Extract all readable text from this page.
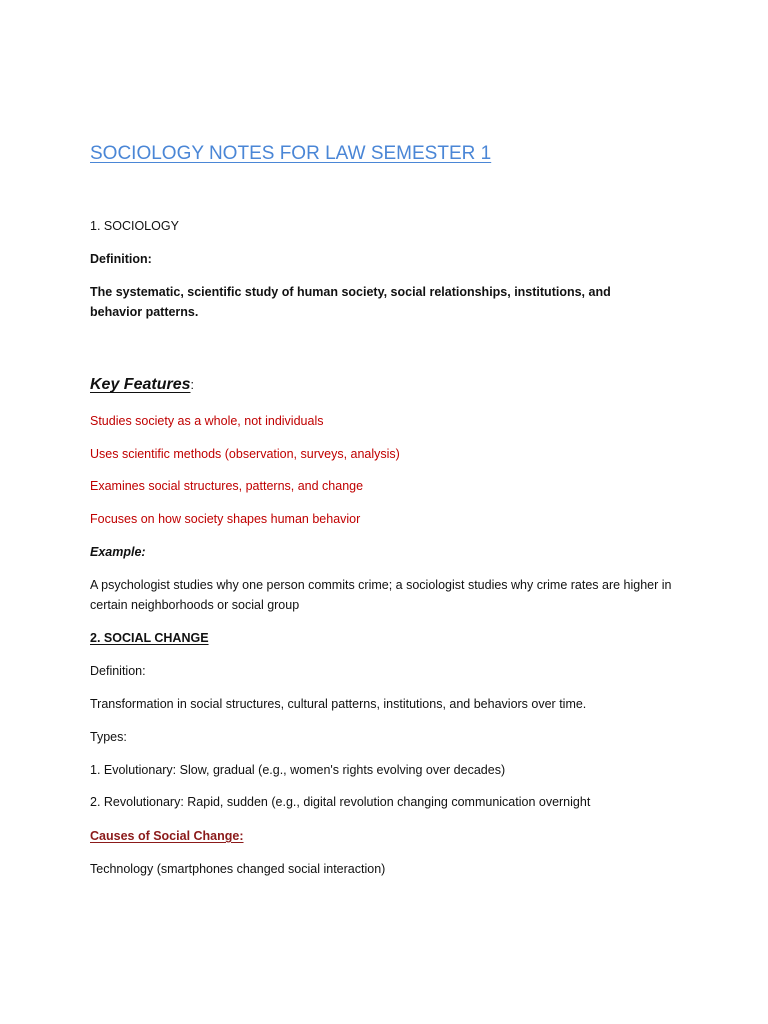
SOCIOLOGY NOTES FOR LAW SEMESTER 1
1. SOCIOLOGY
Definition:
The systematic, scientific study of human society, social relationships, institutions, and behavior patterns.
Key Features:
Studies society as a whole, not individuals
Uses scientific methods (observation, surveys, analysis)
Examines social structures, patterns, and change
Focuses on how society shapes human behavior
Example:
A psychologist studies why one person commits crime; a sociologist studies why crime rates are higher in certain neighborhoods or social group
2. SOCIAL CHANGE
Definition:
Transformation in social structures, cultural patterns, institutions, and behaviors over time.
Types:
1. Evolutionary: Slow, gradual (e.g., women's rights evolving over decades)
2. Revolutionary: Rapid, sudden (e.g., digital revolution changing communication overnight
Causes of Social Change:
Technology (smartphones changed social interaction)
